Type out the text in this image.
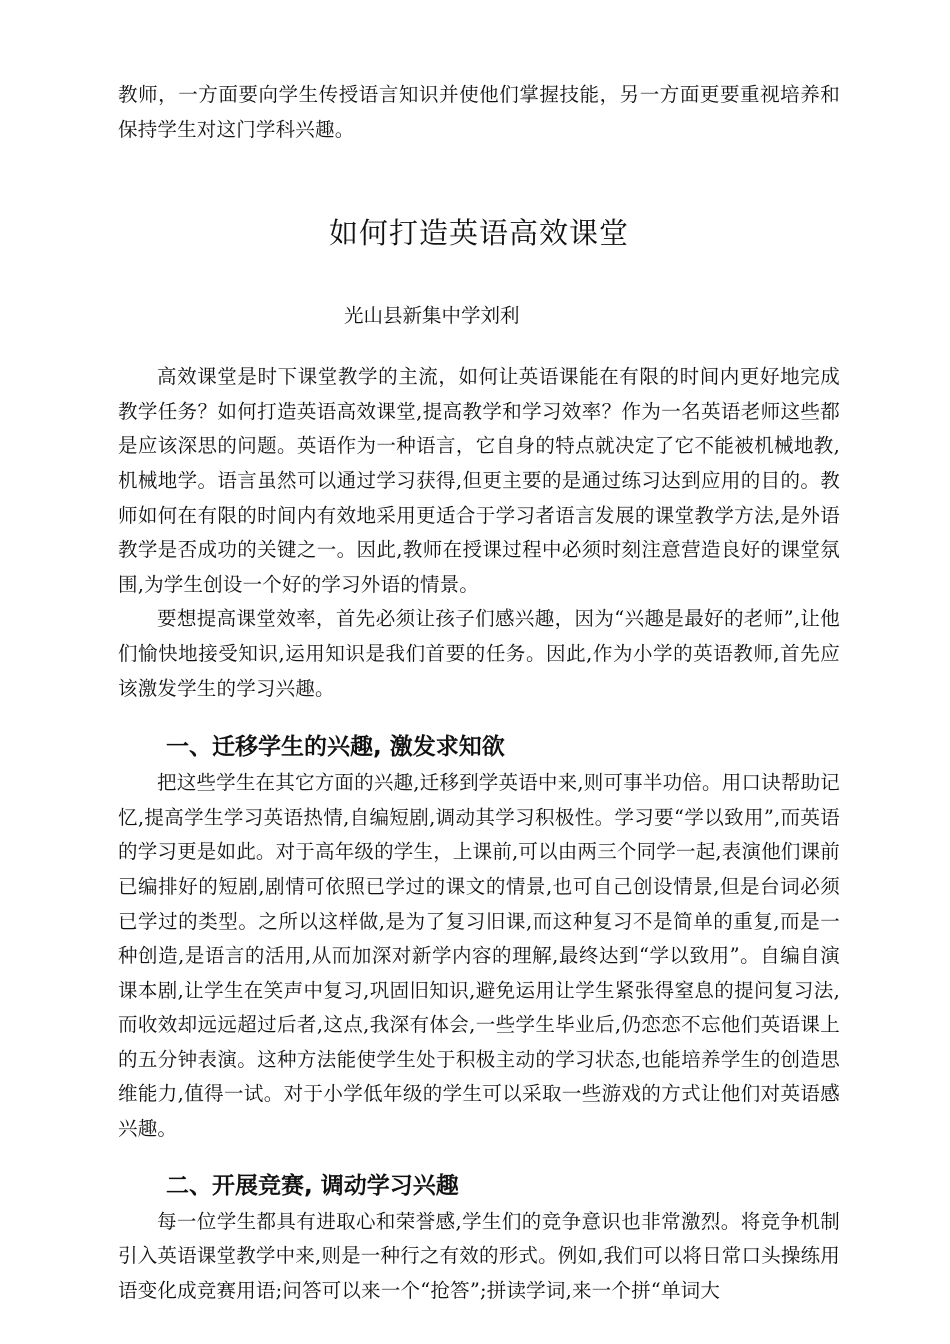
教师，一方面要向学生传授语言知识并使他们掌握技能，另一方面更要重视培养和保持学生对这门学科兴趣。

如何打造英语高效课堂

光山县新集中学刘利

高效课堂是时下课堂教学的主流，如何让英语课能在有限的时间内更好地完成教学任务？如何打造英语高效课堂,提高教学和学习效率？作为一名英语老师这些都是应该深思的问题。英语作为一种语言，它自身的特点就决定了它不能被机械地教,机械地学。语言虽然可以通过学习获得,但更主要的是通过练习达到应用的目的。教师如何在有限的时间内有效地采用更适合于学习者语言发展的课堂教学方法,是外语教学是否成功的关键之一。因此,教师在授课过程中必须时刻注意营造良好的课堂氛围,为学生创设一个好的学习外语的情景。

要想提高课堂效率，首先必须让孩子们感兴趣，因为“兴趣是最好的老师”,让他们愉快地接受知识,运用知识是我们首要的任务。因此,作为小学的英语教师,首先应该激发学生的学习兴趣。

一、迁移学生的兴趣, 激发求知欲

把这些学生在其它方面的兴趣,迁移到学英语中来,则可事半功倍。用口诀帮助记忆,提高学生学习英语热情,自编短剧,调动其学习积极性。学习要“学以致用”,而英语的学习更是如此。对于高年级的学生，上课前,可以由两三个同学一起,表演他们课前已编排好的短剧,剧情可依照已学过的课文的情景,也可自己创设情景,但是台词必须已学过的类型。之所以这样做,是为了复习旧课,而这种复习不是简单的重复,而是一种创造,是语言的活用,从而加深对新学内容的理解,最终达到“学以致用”。自编自演课本剧,让学生在笑声中复习,巩固旧知识,避免运用让学生紧张得窒息的提问复习法,而收效却远远超过后者,这点,我深有体会,一些学生毕业后,仍恋恋不忘他们英语课上的五分钟表演。这种方法能使学生处于积极主动的学习状态,也能培养学生的创造思维能力,值得一试。对于小学低年级的学生可以采取一些游戏的方式让他们对英语感兴趣。

二、开展竞赛, 调动学习兴趣

每一位学生都具有进取心和荣誉感,学生们的竞争意识也非常激烈。将竞争机制引入英语课堂教学中来,则是一种行之有效的形式。例如,我们可以将日常口头操练用语变化成竞赛用语;问答可以来一个“抢答”;拼读学词,来一个拼“单词大
